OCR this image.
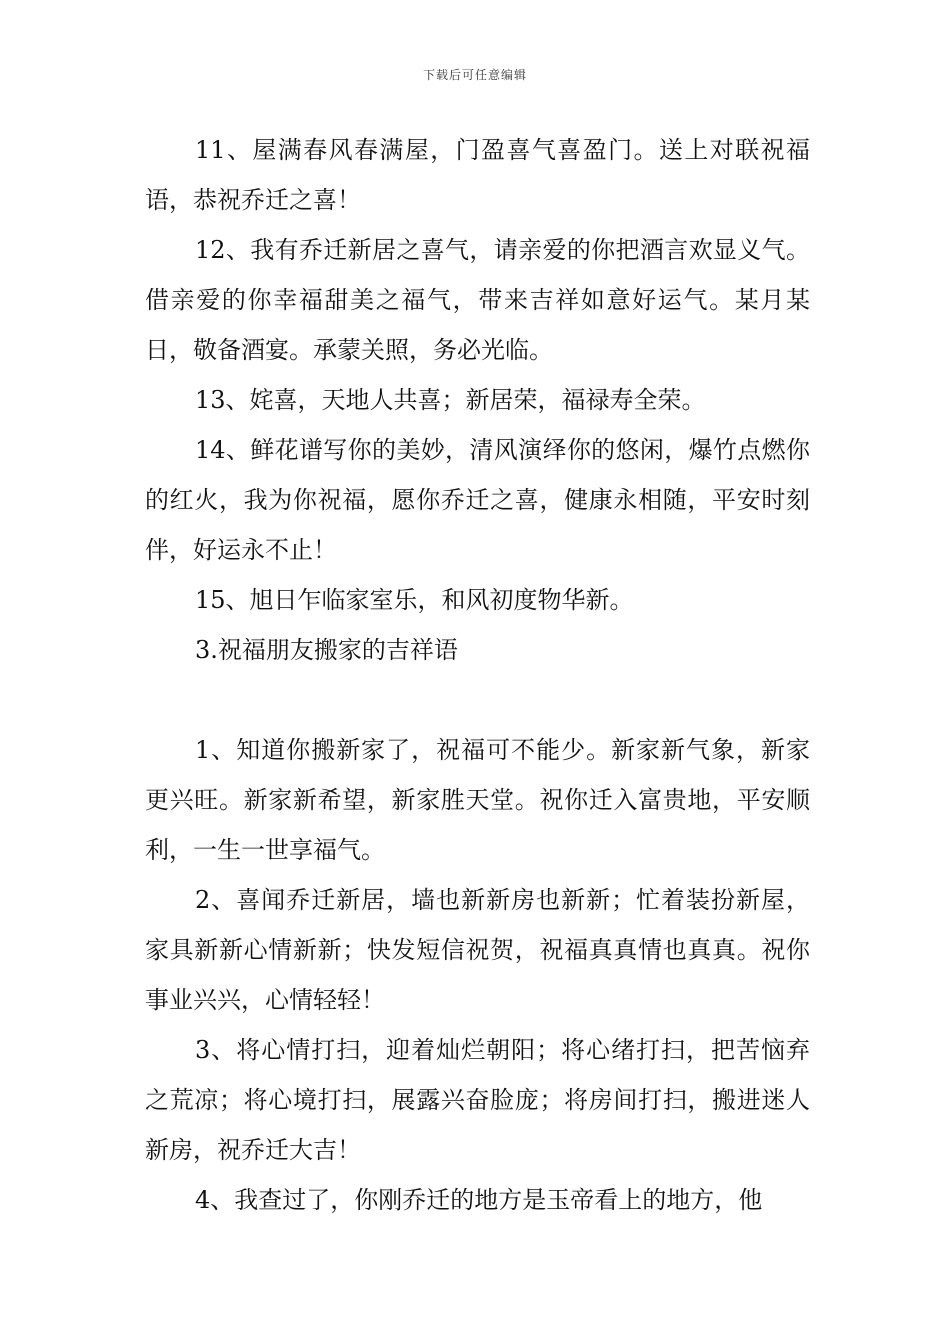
下载后可任意编辑

11、屋满春风春满屋，门盈喜气喜盈门。送上对联祝福语，恭祝乔迁之喜！

12、我有乔迁新居之喜气，请亲爱的你把酒言欢显义气。借亲爱的你幸福甜美之福气，带来吉祥如意好运气。某月某日，敬备酒宴。承蒙关照，务必光临。

13、姹喜，天地人共喜；新居荣，福禄寿全荣。

14、鲜花谱写你的美妙，清风演绎你的悠闲，爆竹点燃你的红火，我为你祝福，愿你乔迁之喜，健康永相随，平安时刻伴，好运永不止！

15、旭日乍临家室乐，和风初度物华新。

3.祝福朋友搬家的吉祥语

1、知道你搬新家了，祝福可不能少。新家新气象，新家更兴旺。新家新希望，新家胜天堂。祝你迁入富贵地，平安顺利，一生一世享福气。

2、喜闻乔迁新居，墙也新新房也新新；忙着装扮新屋，家具新新心情新新；快发短信祝贺，祝福真真情也真真。祝你事业兴兴，心情轻轻！

3、将心情打扫，迎着灿烂朝阳；将心绪打扫，把苦恼弃之荒凉；将心境打扫，展露兴奋脸庞；将房间打扫，搬进迷人新房，祝乔迁大吉！

4、我查过了，你刚乔迁的地方是玉帝看上的地方，他
